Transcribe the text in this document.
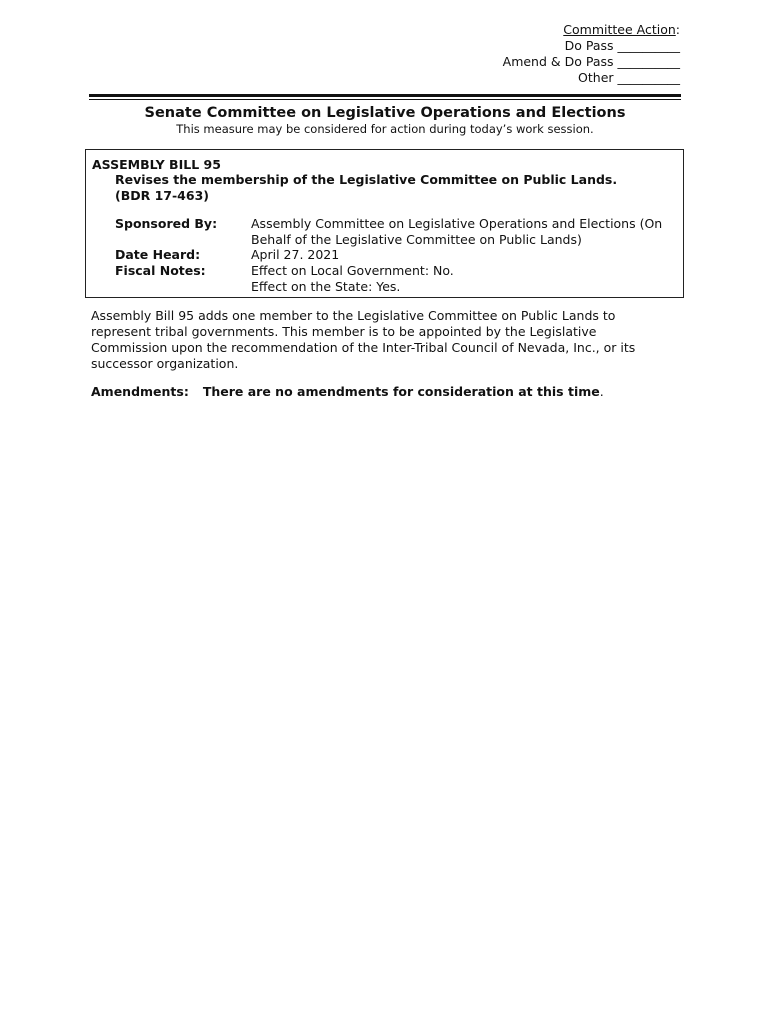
Committee Action:
Do Pass __________
Amend & Do Pass __________
Other __________
Senate Committee on Legislative Operations and Elections
This measure may be considered for action during today’s work session.
ASSEMBLY BILL 95
Revises the membership of the Legislative Committee on Public Lands.
(BDR 17-463)
Sponsored By:	Assembly Committee on Legislative Operations and Elections (On
Behalf of the Legislative Committee on Public Lands)
Date Heard:	April 27. 2021
Fiscal Notes:	Effect on Local Government: No.
Effect on the State: Yes.
Assembly Bill 95 adds one member to the Legislative Committee on Public Lands to
represent tribal governments. This member is to be appointed by the Legislative
Commission upon the recommendation of the Inter-Tribal Council of Nevada, Inc., or its
successor organization.
Amendments: There are no amendments for consideration at this time.
